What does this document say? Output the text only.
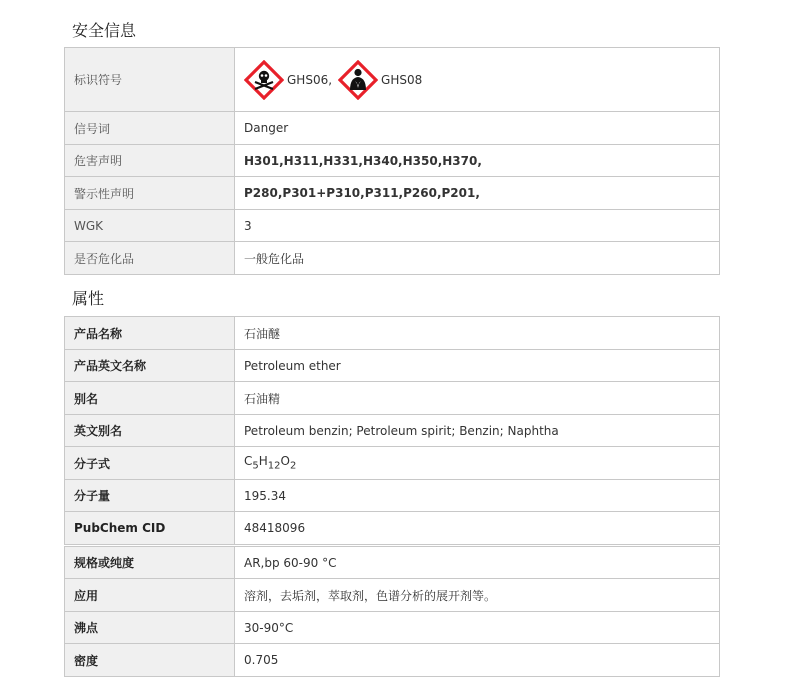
安全信息
标识符号	GHS06, GHS08

信号词	Danger
危害声明	H301,H311,H331,H340,H350,H370,
警示性声明	P280,P301+P310,P311,P260,P201,
WGK	3
是否危化品	一般危化品
属性
产品名称	石油醚
产品英文名称	Petroleum ether
别名	石油精
英文别名	Petroleum benzin; Petroleum spirit; Benzin; Naphtha
分子式	$C_5H_{12}O_2$
分子量	195.34
PubChem CID	48418096
规格或纯度	AR,bp 60-90 °C
应用	溶剂，去垢剂，萃取剂，色谱分析的展开剂等。
沸点	30-90°C
密度	0.705
